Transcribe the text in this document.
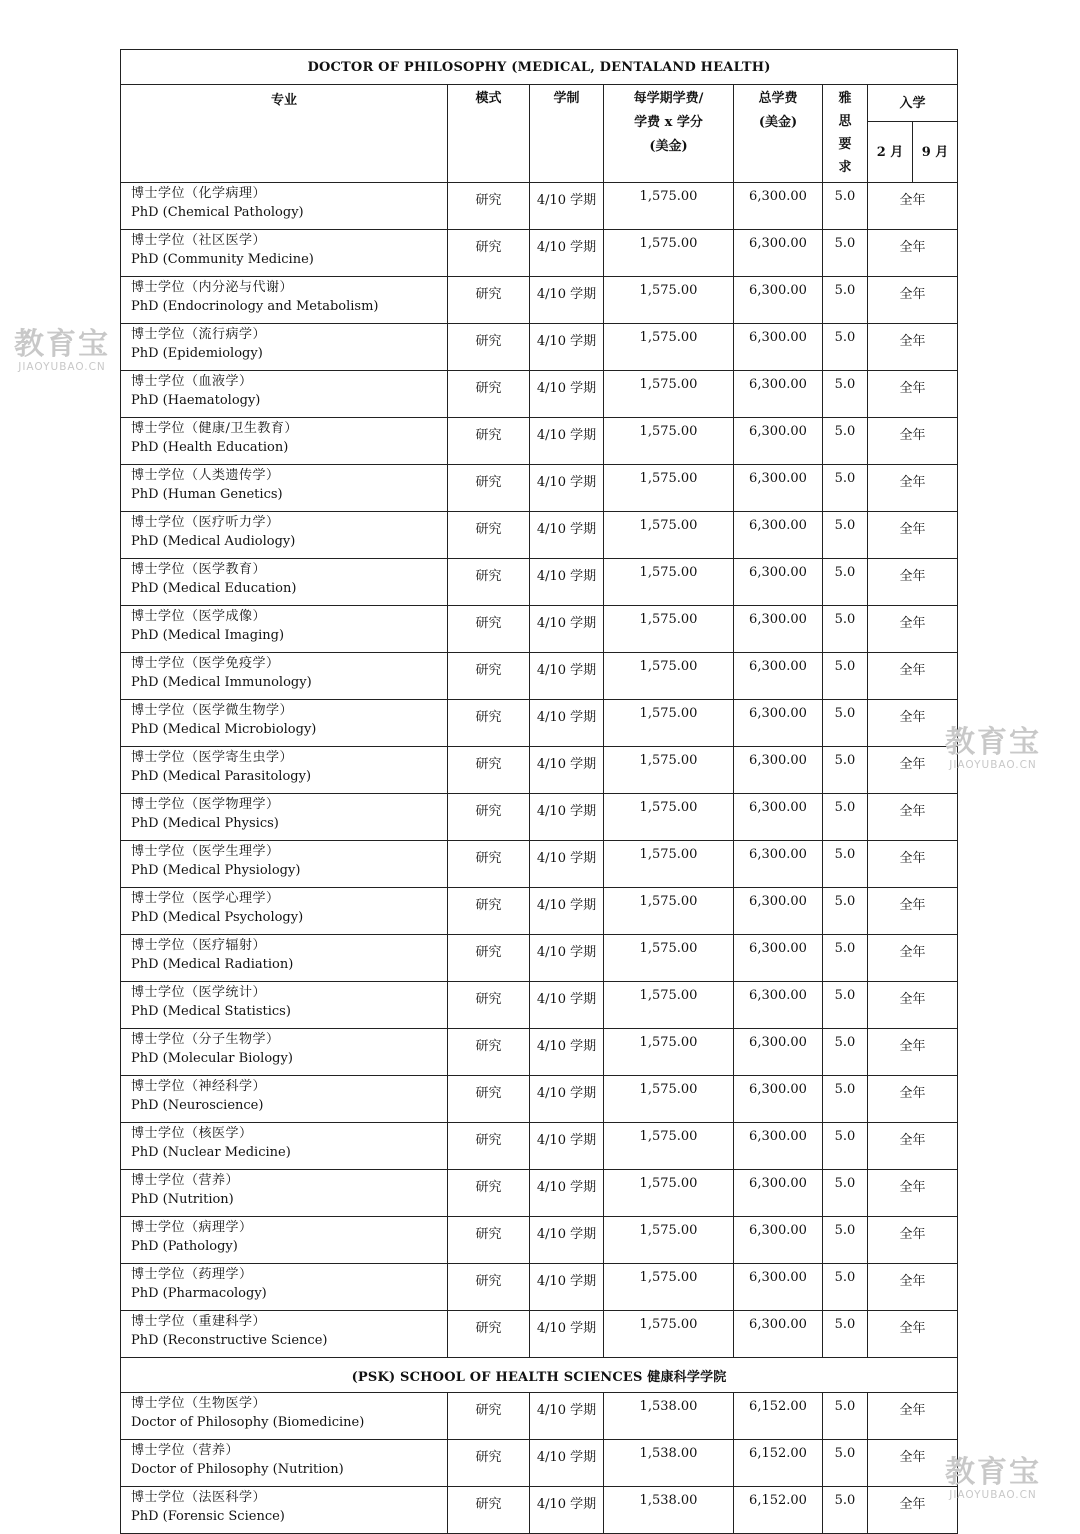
DOCTOR OF PHILOSOPHY (MEDICAL, DENTALAND HEALTH)							
专业	模式	学制	每学期学费/
学费 x 学分
(美金)	总学费
(美金)	雅
思
要
求	入学	
						2 月	9 月

博士学位（化学病理）
PhD (Chemical Pathology)	研究	4/10 学期	1,575.00	6,300.00	5.0	全年	

博士学位（社区医学）
PhD (Community Medicine)	研究	4/10 学期	1,575.00	6,300.00	5.0	全年	

博士学位（内分泌与代谢）
PhD (Endocrinology and Metabolism)	研究	4/10 学期	1,575.00	6,300.00	5.0	全年	

博士学位（流行病学）
PhD (Epidemiology)	研究	4/10 学期	1,575.00	6,300.00	5.0	全年	

博士学位（血液学）
PhD (Haematology)	研究	4/10 学期	1,575.00	6,300.00	5.0	全年	

博士学位（健康/卫生教育）
PhD (Health Education)	研究	4/10 学期	1,575.00	6,300.00	5.0	全年	

博士学位（人类遗传学）
PhD (Human Genetics)	研究	4/10 学期	1,575.00	6,300.00	5.0	全年	

博士学位（医疗听力学）
PhD (Medical Audiology)	研究	4/10 学期	1,575.00	6,300.00	5.0	全年	

博士学位（医学教育）
PhD (Medical Education)	研究	4/10 学期	1,575.00	6,300.00	5.0	全年	

博士学位（医学成像）
PhD (Medical Imaging)	研究	4/10 学期	1,575.00	6,300.00	5.0	全年	

博士学位（医学免疫学）
PhD (Medical Immunology)	研究	4/10 学期	1,575.00	6,300.00	5.0	全年	

博士学位（医学微生物学）
PhD (Medical Microbiology)	研究	4/10 学期	1,575.00	6,300.00	5.0	全年	

博士学位（医学寄生虫学）
PhD (Medical Parasitology)	研究	4/10 学期	1,575.00	6,300.00	5.0	全年	

博士学位（医学物理学）
PhD (Medical Physics)	研究	4/10 学期	1,575.00	6,300.00	5.0	全年	

博士学位（医学生理学）
PhD (Medical Physiology)	研究	4/10 学期	1,575.00	6,300.00	5.0	全年	

博士学位（医学心理学）
PhD (Medical Psychology)	研究	4/10 学期	1,575.00	6,300.00	5.0	全年	

博士学位（医疗辐射）
PhD (Medical Radiation)	研究	4/10 学期	1,575.00	6,300.00	5.0	全年	

博士学位（医学统计）
PhD (Medical Statistics)	研究	4/10 学期	1,575.00	6,300.00	5.0	全年	

博士学位（分子生物学）
PhD (Molecular Biology)	研究	4/10 学期	1,575.00	6,300.00	5.0	全年	

博士学位（神经科学）
PhD (Neuroscience)	研究	4/10 学期	1,575.00	6,300.00	5.0	全年	

博士学位（核医学）
PhD (Nuclear Medicine)	研究	4/10 学期	1,575.00	6,300.00	5.0	全年	

博士学位（营养）
PhD (Nutrition)	研究	4/10 学期	1,575.00	6,300.00	5.0	全年	

博士学位（病理学）
PhD (Pathology)	研究	4/10 学期	1,575.00	6,300.00	5.0	全年	

博士学位（药理学）
PhD (Pharmacology)	研究	4/10 学期	1,575.00	6,300.00	5.0	全年	

博士学位（重建科学）
PhD (Reconstructive Science)	研究	4/10 学期	1,575.00	6,300.00	5.0	全年	
(PSK) SCHOOL OF HEALTH SCIENCES 健康科学学院							

博士学位（生物医学）
Doctor of Philosophy (Biomedicine)	研究	4/10 学期	1,538.00	6,152.00	5.0	全年	

博士学位（营养）
Doctor of Philosophy (Nutrition)	研究	4/10 学期	1,538.00	6,152.00	5.0	全年	

博士学位（法医科学）
PhD (Forensic Science)	研究	4/10 学期	1,538.00	6,152.00	5.0	全年	
教育宝
JIAOYUBAO.CN
教育宝
JIAOYUBAO.CN
教育宝
JIAOYUBAO.CN
